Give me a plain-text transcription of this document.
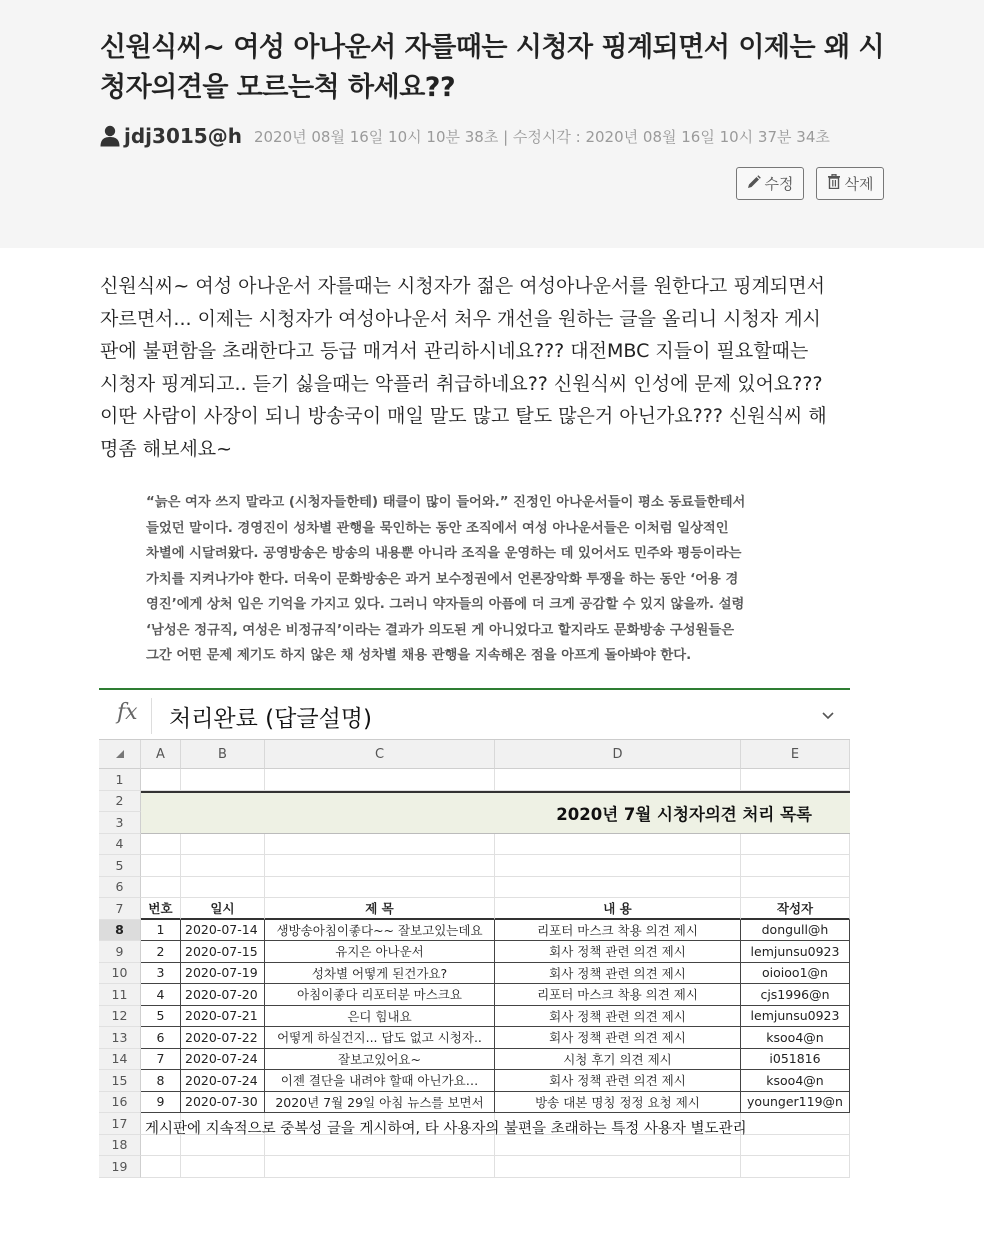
신원식씨~ 여성 아나운서 자를때는 시청자 핑계되면서 이제는 왜 시청자의견을 모르는척 하세요??
jdj3015@h 2020년 08월 16일 10시 10분 38초 | 수정시각 : 2020년 08월 16일 10시 37분 34초
수정	삭제
신원식씨~ 여성 아나운서 자를때는 시청자가 젊은 여성아나운서를 원한다고 핑계되면서
자르면서... 이제는 시청자가 여성아나운서 처우 개선을 원하는 글을 올리니 시청자 게시
판에 불편함을 초래한다고 등급 매겨서 관리하시네요??? 대전MBC 지들이 필요할때는
시청자 핑계되고.. 듣기 싫을때는 악플러 취급하네요?? 신원식씨 인성에 문제 있어요???
이딴 사람이 사장이 되니 방송국이 매일 말도 많고 탈도 많은거 아닌가요??? 신원식씨 해
명좀 해보세요~
“늙은 여자 쓰지 말라고 (시청자들한테) 태클이 많이 들어와.” 진정인 아나운서들이 평소 동료들한테서
들었던 말이다. 경영진이 성차별 관행을 묵인하는 동안 조직에서 여성 아나운서들은 이처럼 일상적인
차별에 시달려왔다. 공영방송은 방송의 내용뿐 아니라 조직을 운영하는 데 있어서도 민주와 평등이라는
가치를 지켜나가야 한다. 더욱이 문화방송은 과거 보수정권에서 언론장악화 투쟁을 하는 동안 ‘어용 경
영진’에게 상처 입은 기억을 가지고 있다. 그러니 약자들의 아픔에 더 크게 공감할 수 있지 않을까. 설령
‘남성은 정규직, 여성은 비정규직’이라는 결과가 의도된 게 아니었다고 할지라도 문화방송 구성원들은
그간 어떤 문제 제기도 하지 않은 채 성차별 채용 관행을 지속해온 점을 아프게 돌아봐야 한다.
fx 처리완료 (답글설명)
A	B	C	D	E
1
2
3
4
5
6
7
8
9
10
11
12
13
14
15
16
17
18
19
2020년 7월 시청자의견 처리 목록
번호	일시	제 목	내 용	작성자
1	2020-07-14	생방송아침이좋다~~ 잘보고있는데요	리포터 마스크 착용 의견 제시	dongull@h
2	2020-07-15	유지은 아나운서	회사 정책 관련 의견 제시	lemjunsu0923
3	2020-07-19	성차별 어떻게 된건가요?	회사 정책 관련 의견 제시	oioioo1@n
4	2020-07-20	아침이좋다 리포터분 마스크요	리포터 마스크 착용 의견 제시	cjs1996@n
5	2020-07-21	은디 힘내요	회사 정책 관련 의견 제시	lemjunsu0923
6	2020-07-22	어떻게 하실건지... 답도 없고 시청자..	회사 정책 관련 의견 제시	ksoo4@n
7	2020-07-24	잘보고있어요~	시청 후기 의견 제시	i051816
8	2020-07-24	이젠 결단을 내려야 할때 아닌가요…	회사 정책 관련 의견 제시	ksoo4@n
9	2020-07-30	2020년 7월 29일 아침 뉴스를 보면서	방송 대본 명칭 정정 요청 제시	younger119@n
게시판에 지속적으로 중복성 글을 게시하여, 타 사용자의 불편을 초래하는 특정 사용자 별도관리
